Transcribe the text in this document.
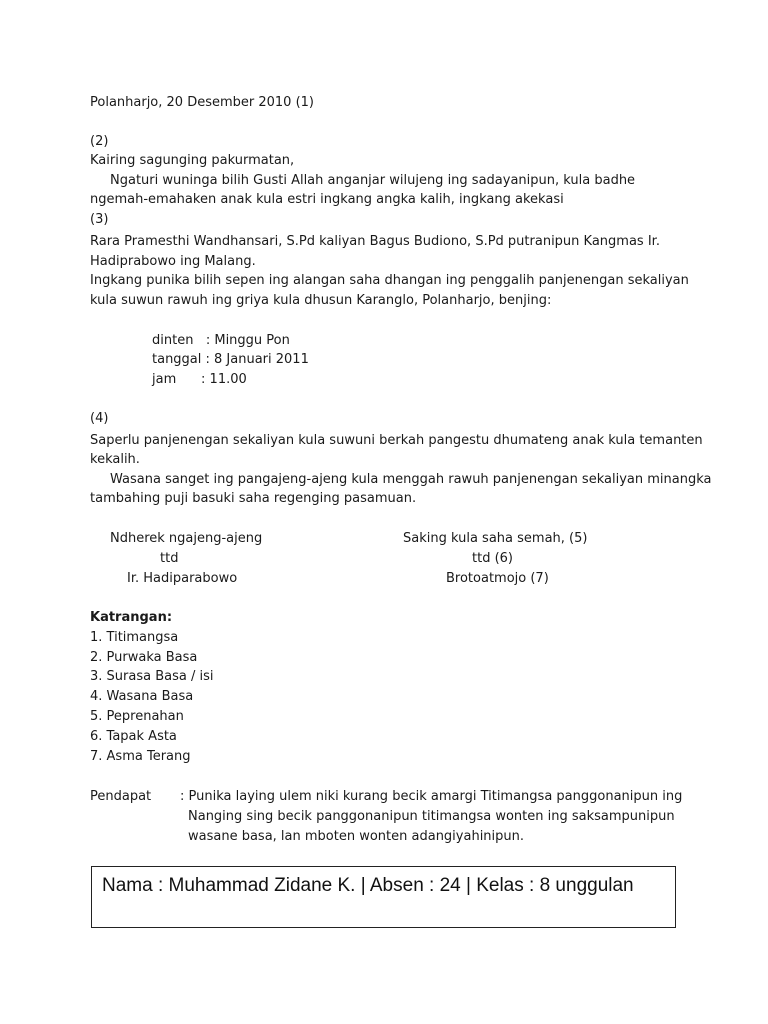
Polanharjo, 20 Desember 2010 (1)
(2)
Kairing sagunging pakurmatan,
Ngaturi wuninga bilih Gusti Allah anganjar wilujeng ing sadayanipun, kula badhe
ngemah-emahaken anak kula estri ingkang angka kalih, ingkang akekasi
(3)
Rara Pramesthi Wandhansari, S.Pd kaliyan Bagus Budiono, S.Pd putranipun Kangmas Ir.
Hadiprabowo ing Malang.
Ingkang punika bilih sepen ing alangan saha dhangan ing penggalih panjenengan sekaliyan
kula suwun rawuh ing griya kula dhusun Karanglo, Polanharjo, benjing:
dinten   : Minggu Pon
tanggal : 8 Januari 2011
jam      : 11.00
(4)
Saperlu panjenengan sekaliyan kula suwuni berkah pangestu dhumateng anak kula temanten
kekalih.
Wasana sanget ing pangajeng-ajeng kula menggah rawuh panjenengan sekaliyan minangka
tambahing puji basuki saha regenging pasamuan.
Ndherek ngajeng-ajeng
ttd
Ir. Hadiparabowo
Saking kula saha semah, (5)
ttd (6)
Brotoatmojo (7)
Katrangan:
1. Titimangsa
2. Purwaka Basa
3. Surasa Basa / isi
4. Wasana Basa
5. Peprenahan
6. Tapak Asta
7. Asma Terang
Pendapat : Punika laying ulem niki kurang becik amargi Titimangsa panggonanipun ing
Nanging sing becik panggonanipun titimangsa wonten ing saksampunipun
wasane basa, lan mboten wonten adangiyahinipun.
Nama : Muhammad Zidane K. | Absen : 24 | Kelas : 8 unggulan
